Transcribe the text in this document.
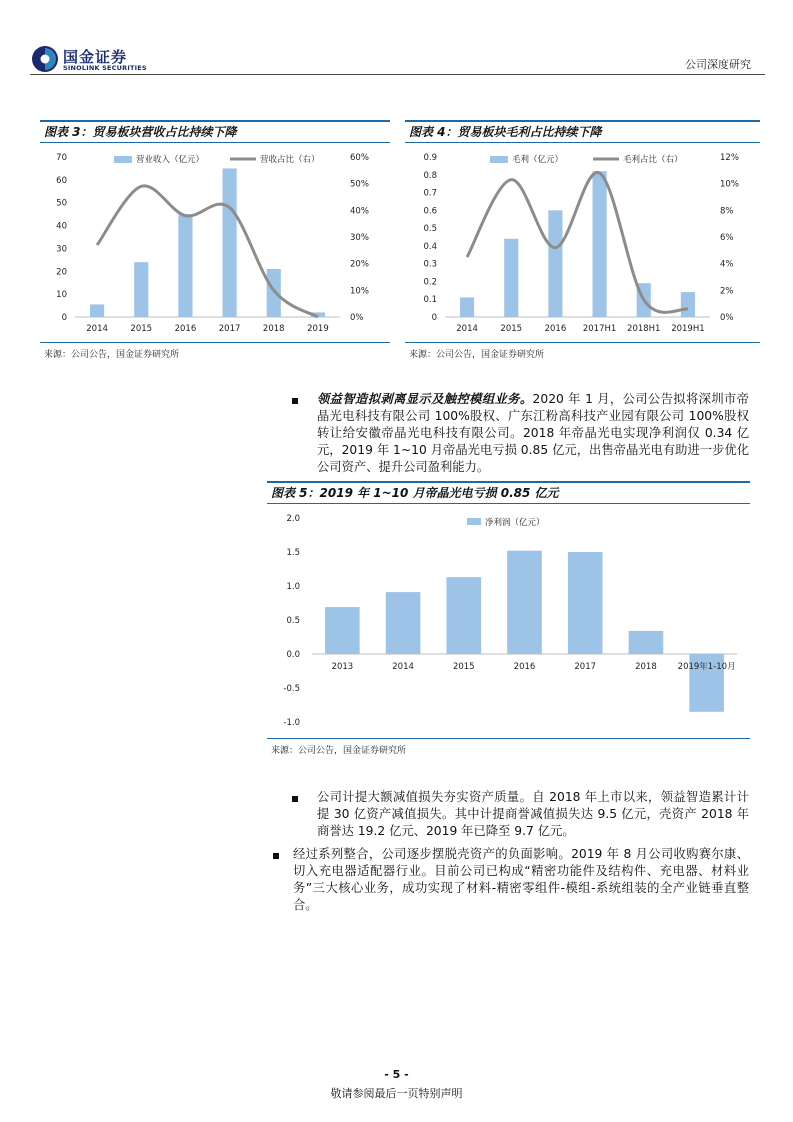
国金证券
SINOLINK SECURITIES	公司深度研究
图表 3：贸易板块营收占比持续下降
0
10
20
30
40
50
60
70
0%
10%
20%
30%
40%
50%
60%
2014	2015	2016	2017	2018	2019
营业收入（亿元）	营收占比（右）
来源：公司公告，国金证券研究所
图表 4：贸易板块毛利占比持续下降
0
0.1
0.2
0.3
0.4
0.5
0.6
0.7
0.8
0.9
0%
2%
4%
6%
8%
10%
12%
2014	2015	2016 2017H1 2018H1 2019H1
毛利（亿元）	毛利占比（右）
来源：公司公告，国金证券研究所
领益智造拟剥离显示及触控模组业务。2020 年 1 月，公司公告拟将深圳市帝晶光电科技有限公司 100%股权、广东江粉高科技产业园有限公司 100%股权转让给安徽帝晶光电科技有限公司。2018 年帝晶光电实现净利润仅 0.34 亿元，2019 年 1~10 月帝晶光电亏损 0.85 亿元，出售帝晶光电有助进一步优化公司资产、提升公司盈利能力。
图表 5：2019 年 1~10 月帝晶光电亏损 0.85 亿元
-1.0
-0.5
0.0
0.5
1.0
1.5
2.0
2013	2014	2015	2016	2017	2018 2019年1-10月
净利润（亿元）
来源：公司公告，国金证券研究所
公司计提大额减值损失夯实资产质量。自 2018 年上市以来，领益智造累计计提 30 亿资产减值损失。其中计提商誉减值损失达 9.5 亿元，壳资产 2018 年商誉达 19.2 亿元、2019 年已降至 9.7 亿元。
经过系列整合，公司逐步摆脱壳资产的负面影响。2019 年 8 月公司收购赛尔康、切入充电器适配器行业。目前公司已构成“精密功能件及结构件、充电器、材料业务”三大核心业务，成功实现了材料-精密零组件-模组-系统组装的全产业链垂直整合。
- 5 -
敬请参阅最后一页特别声明
